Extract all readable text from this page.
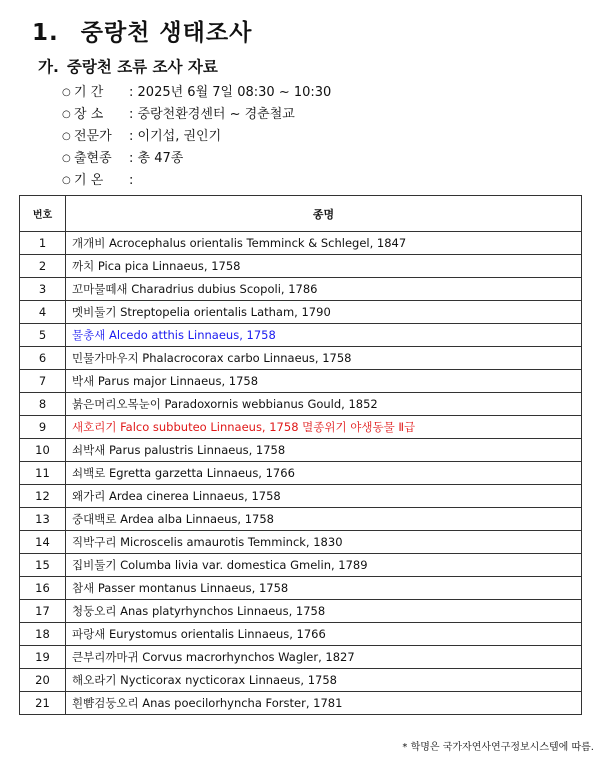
1. 중랑천 생태조사
가. 중랑천 조류 조사 자료
○ 기 간	:
2025년 6월 7일 08:30 ~ 10:30
○ 장 소	:
중랑천환경센터 ~ 경춘철교
○ 전문가	:
이기섭, 권인기
○ 출현종	:
총 47종
○ 기 온	:

번호	종명
1	개개비 Acrocephalus orientalis Temminck & Schlegel, 1847
2	까치 Pica pica Linnaeus, 1758
3	꼬마물떼새 Charadrius dubius Scopoli, 1786
4	멧비둘기 Streptopelia orientalis Latham, 1790
5	물총새 Alcedo atthis Linnaeus, 1758
6	민물가마우지 Phalacrocorax carbo Linnaeus, 1758
7	박새 Parus major Linnaeus, 1758
8	붉은머리오목눈이 Paradoxornis webbianus Gould, 1852
9	새호리기 Falco subbuteo Linnaeus, 1758 멸종위기 야생동물 Ⅱ급
10	쇠박새 Parus palustris Linnaeus, 1758
11	쇠백로 Egretta garzetta Linnaeus, 1766
12	왜가리 Ardea cinerea Linnaeus, 1758
13	중대백로 Ardea alba Linnaeus, 1758
14	직박구리 Microscelis amaurotis Temminck, 1830
15	집비둘기 Columba livia var. domestica Gmelin, 1789
16	참새 Passer montanus Linnaeus, 1758
17	청둥오리 Anas platyrhynchos Linnaeus, 1758
18	파랑새 Eurystomus orientalis Linnaeus, 1766
19	큰부리까마귀 Corvus macrorhynchos Wagler, 1827
20	해오라기 Nycticorax nycticorax Linnaeus, 1758
21	흰뺨검둥오리 Anas poecilorhyncha Forster, 1781
* 학명은 국가자연사연구정보시스템에 따름.
